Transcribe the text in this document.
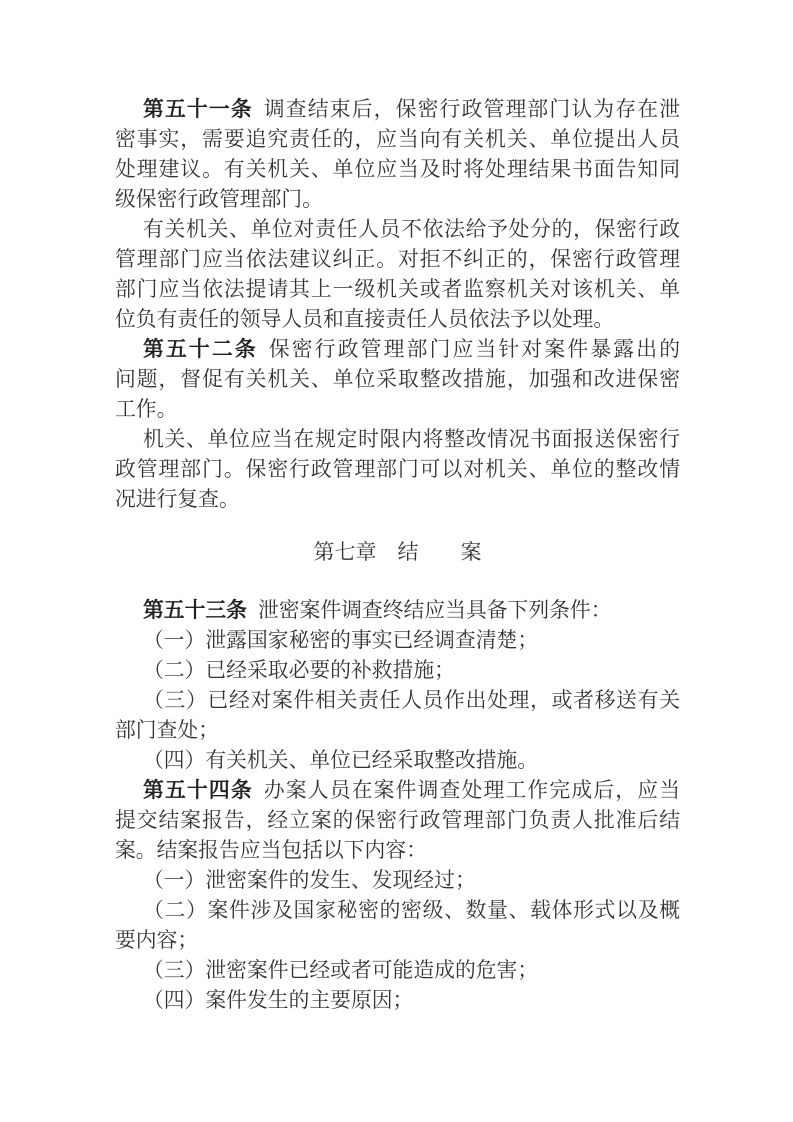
第五十一条 调查结束后，保密行政管理部门认为存在泄
密事实，需要追究责任的，应当向有关机关、单位提出人员
处理建议。有关机关、单位应当及时将处理结果书面告知同
级保密行政管理部门。
有关机关、单位对责任人员不依法给予处分的，保密行政
管理部门应当依法建议纠正。对拒不纠正的，保密行政管理
部门应当依法提请其上一级机关或者监察机关对该机关、单
位负有责任的领导人员和直接责任人员依法予以处理。
第五十二条 保密行政管理部门应当针对案件暴露出的
问题，督促有关机关、单位采取整改措施，加强和改进保密
工作。
机关、单位应当在规定时限内将整改情况书面报送保密行
政管理部门。保密行政管理部门可以对机关、单位的整改情
况进行复查。
第七章　结　　案
第五十三条 泄密案件调查终结应当具备下列条件：
（一）泄露国家秘密的事实已经调查清楚；
（二）已经采取必要的补救措施；
（三）已经对案件相关责任人员作出处理，或者移送有关
部门查处；
（四）有关机关、单位已经采取整改措施。
第五十四条 办案人员在案件调查处理工作完成后，应当
提交结案报告，经立案的保密行政管理部门负责人批准后结
案。结案报告应当包括以下内容：
（一）泄密案件的发生、发现经过；
（二）案件涉及国家秘密的密级、数量、载体形式以及概
要内容；
（三）泄密案件已经或者可能造成的危害；
（四）案件发生的主要原因；
